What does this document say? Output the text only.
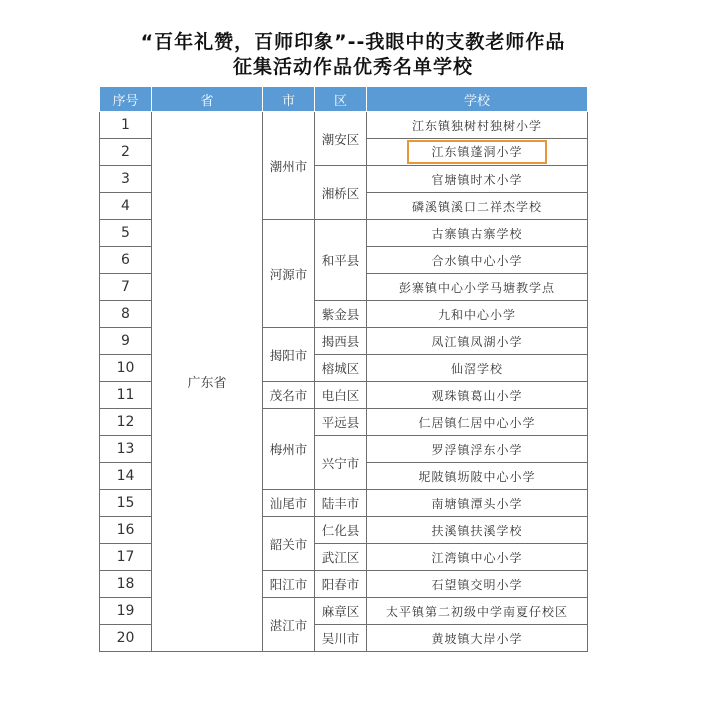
“百年礼赞，百师印象”--我眼中的支教老师作品
征集活动作品优秀名单学校
序号	省	市	区	学校
1	广东省	潮州市	潮安区	江东镇独树村独树小学
2				江东镇蓬洞小学
3			湘桥区	官塘镇时术小学
4				磷溪镇溪口二祥杰学校
5		河源市	和平县	古寨镇古寨学校
6				合水镇中心小学
7				彭寨镇中心小学马塘教学点
8			紫金县	九和中心小学
9		揭阳市	揭西县	凤江镇凤湖小学
10			榕城区	仙滘学校
11		茂名市	电白区	观珠镇葛山小学
12		梅州市	平远县	仁居镇仁居中心小学
13			兴宁市	罗浮镇浮东小学
14				坭陂镇坜陂中心小学
15		汕尾市	陆丰市	南塘镇潭头小学
16		韶关市	仁化县	扶溪镇扶溪学校
17			武江区	江湾镇中心小学
18		阳江市	阳春市	石望镇交明小学
19		湛江市	麻章区	太平镇第二初级中学南夏仔校区
20			吴川市	黄坡镇大岸小学
